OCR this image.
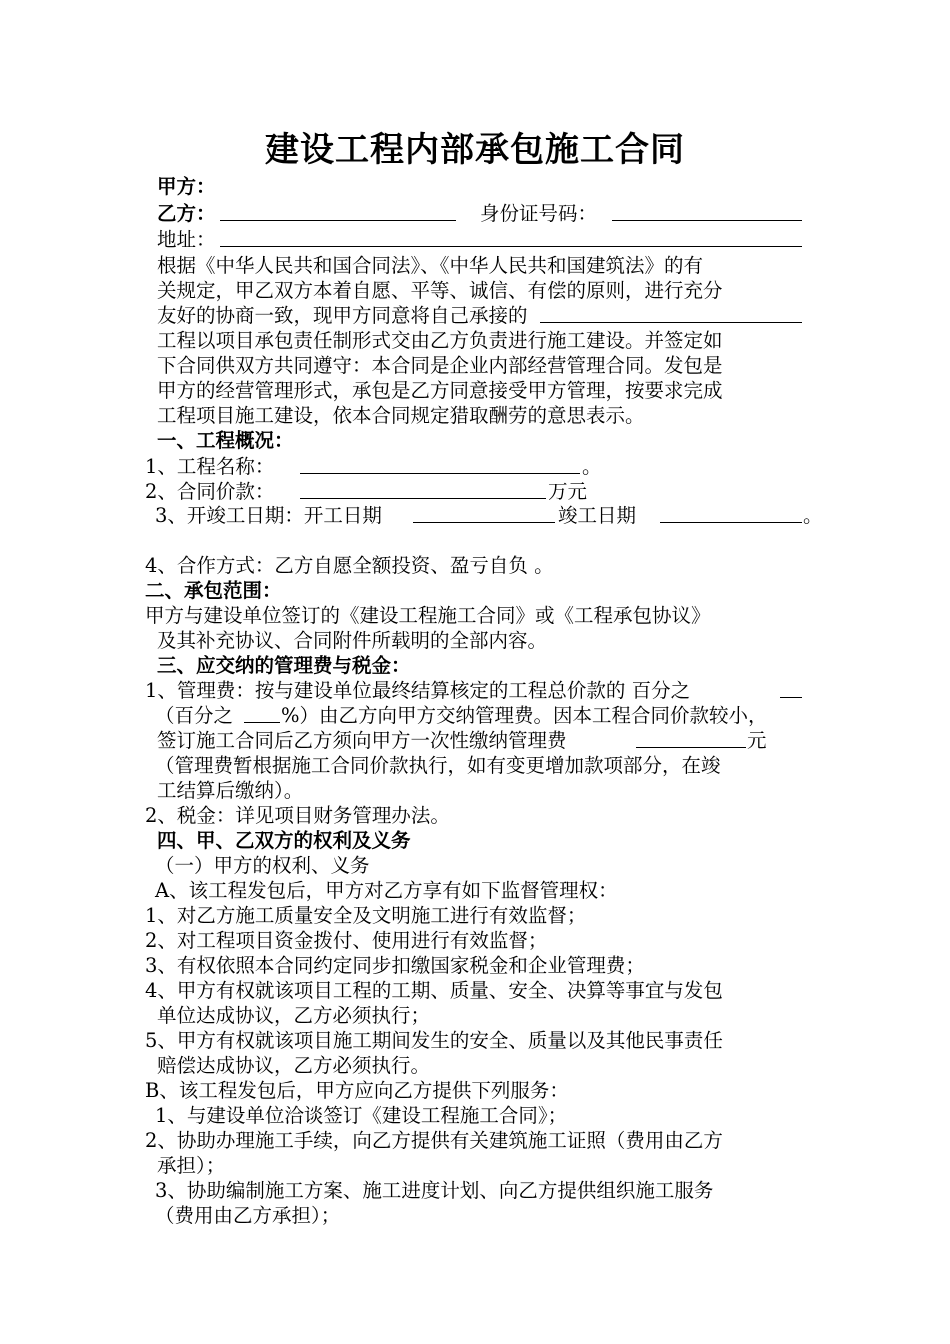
建设工程内部承包施工合同
甲方：
乙方：	身份证号码：
地址：
根据《中华人民共和国合同法》、《中华人民共和国建筑法》的有
关规定，甲乙双方本着自愿、平等、诚信、有偿的原则，进行充分
友好的协商一致，现甲方同意将自己承接的
工程以项目承包责任制形式交由乙方负责进行施工建设。并签定如
下合同供双方共同遵守：本合同是企业内部经营管理合同。发包是
甲方的经营管理形式，承包是乙方同意接受甲方管理，按要求完成
工程项目施工建设，依本合同规定猎取酬劳的意思表示。
一、工程概况：
1、工程名称：	。
2、合同价款：	万元
3、开竣工日期：开工日期	竣工日期	。
4、合作方式：乙方自愿全额投资、盈亏自负 。
二、承包范围：
甲方与建设单位签订的《建设工程施工合同》或《工程承包协议》
及其补充协议、合同附件所载明的全部内容。
三、应交纳的管理费与税金：
1、管理费：按与建设单位最终结算核定的工程总价款的 百分之
（百分之 %）由乙方向甲方交纳管理费。因本工程合同价款较小，
签订施工合同后乙方须向甲方一次性缴纳管理费	元
（管理费暂根据施工合同价款执行，如有变更增加款项部分，在竣
工结算后缴纳）。
2、税金：详见项目财务管理办法。
四、甲、乙双方的权利及义务
（一）甲方的权利、义务
A、该工程发包后，甲方对乙方享有如下监督管理权：
1、对乙方施工质量安全及文明施工进行有效监督；
2、对工程项目资金拨付、使用进行有效监督；
3、有权依照本合同约定同步扣缴国家税金和企业管理费；
4、甲方有权就该项目工程的工期、质量、安全、决算等事宜与发包
单位达成协议，乙方必须执行；
5、甲方有权就该项目施工期间发生的安全、质量以及其他民事责任
赔偿达成协议，乙方必须执行。
B、该工程发包后，甲方应向乙方提供下列服务：
1、与建设单位洽谈签订《建设工程施工合同》；
2、协助办理施工手续，向乙方提供有关建筑施工证照（费用由乙方
承担）；
3、协助编制施工方案、施工进度计划、向乙方提供组织施工服务
（费用由乙方承担）；
